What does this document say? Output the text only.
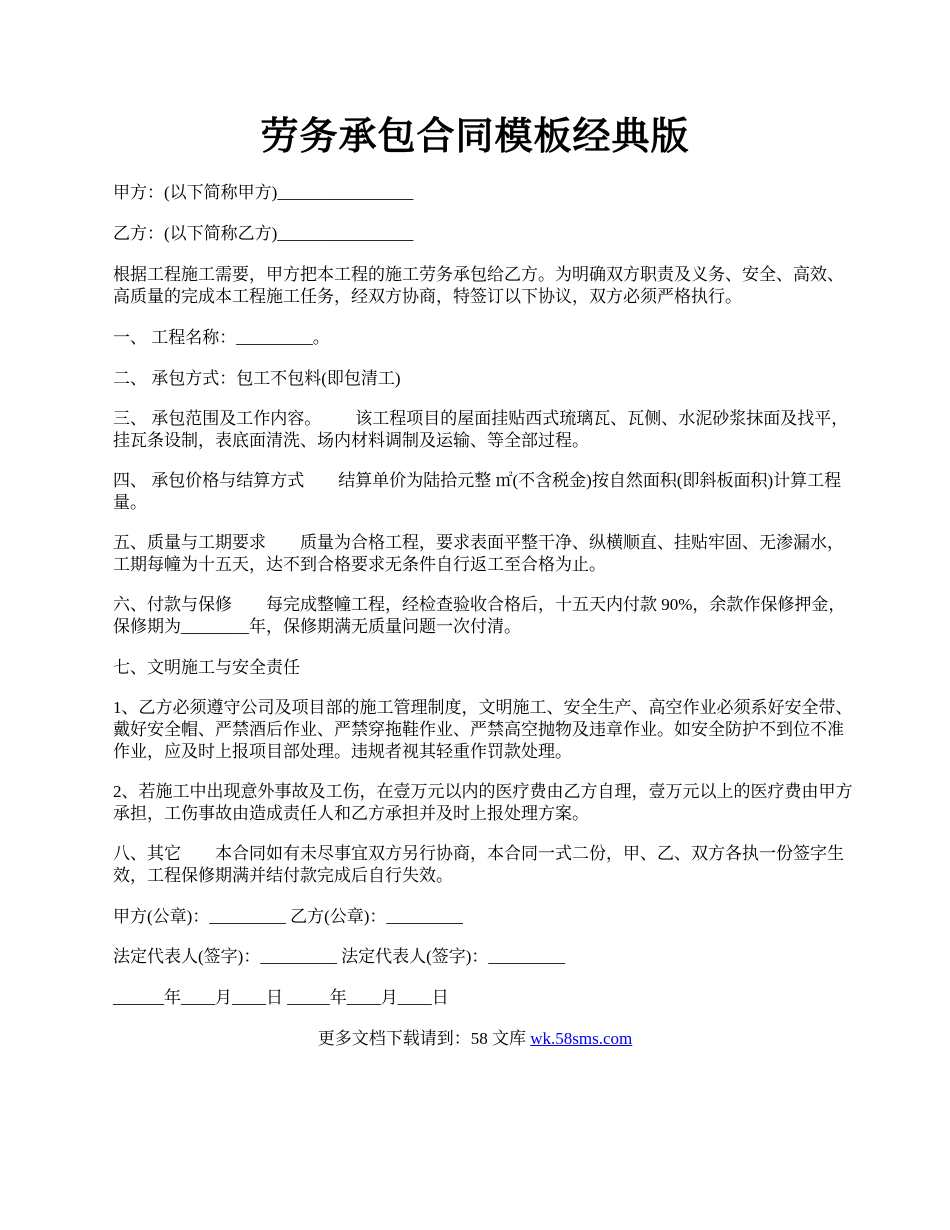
劳务承包合同模板经典版

甲方：(以下简称甲方)________________

乙方：(以下简称乙方)________________

根据工程施工需要，甲方把本工程的施工劳务承包给乙方。为明确双方职责及义务、安全、高效、高质量的完成本工程施工任务，经双方协商，特签订以下协议，双方必须严格执行。

一、 工程名称：_________。

二、 承包方式：包工不包料(即包清工)

三、 承包范围及工作内容。        该工程项目的屋面挂贴西式琉璃瓦、瓦侧、水泥砂浆抹面及找平，挂瓦条设制，表底面清洗、场内材料调制及运输、等全部过程。

四、 承包价格与结算方式        结算单价为陆拾元整 ㎡(不含税金)按自然面积(即斜板面积)计算工程量。

五、质量与工期要求        质量为合格工程，要求表面平整干净、纵横顺直、挂贴牢固、无渗漏水，工期每幢为十五天，达不到合格要求无条件自行返工至合格为止。

六、付款与保修        每完成整幢工程，经检查验收合格后，十五天内付款 90%，余款作保修押金，保修期为________年，保修期满无质量问题一次付清。

七、文明施工与安全责任

1、乙方必须遵守公司及项目部的施工管理制度，文明施工、安全生产、高空作业必须系好安全带、戴好安全帽、严禁酒后作业、严禁穿拖鞋作业、严禁高空抛物及违章作业。如安全防护不到位不准作业，应及时上报项目部处理。违规者视其轻重作罚款处理。

2、若施工中出现意外事故及工伤，在壹万元以内的医疗费由乙方自理，壹万元以上的医疗费由甲方承担，工伤事故由造成责任人和乙方承担并及时上报处理方案。

八、其它        本合同如有未尽事宜双方另行协商，本合同一式二份，甲、乙、双方各执一份签字生效，工程保修期满并结付款完成后自行失效。

甲方(公章)：_________ 乙方(公章)：_________

法定代表人(签字)：_________ 法定代表人(签字)：_________

______年____月____日 _____年____月____日

更多文档下载请到：58 文库 wk.58sms.com
